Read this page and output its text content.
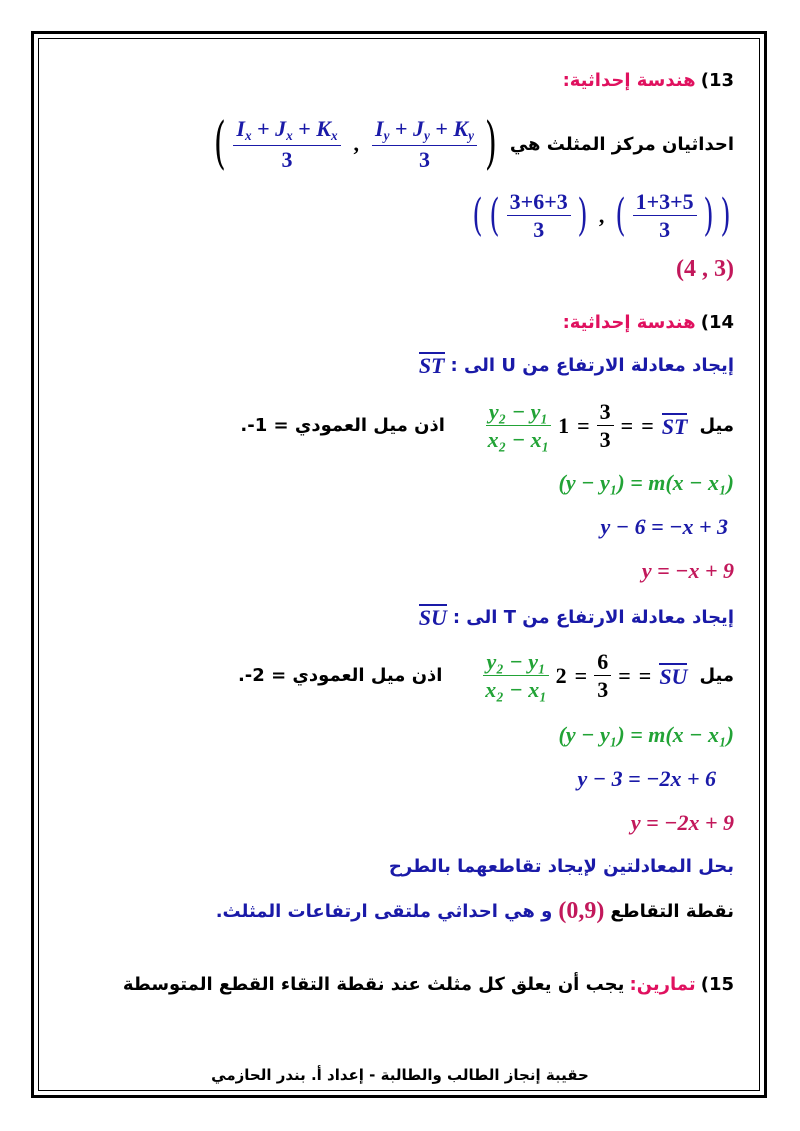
13) هندسة إحداثية:
احداثيان مركز المثلث هي
( $\frac{I_x + J_x + K_x}{3}$ , $\frac{I_y + J_y + K_y}{3}$ )
( ( $\frac{3+6+3}{3}$ ) , ( $\frac{1+3+5}{3}$ ) )
(4 , 3)
14) هندسة إحداثية:
إيجاد معادلة الارتفاع من U الى :
ST
ميل
$\frac{\text{y₂ − y₁}}{\text{x₂ − x₁}} 1 = \frac{3}{3}$ = = ST
اذن ميل العمودي = 1-.
(y − y₁) = m(x − x₁)
y − 6 = −x + 3
y = −x + 9
إيجاد معادلة الارتفاع من T الى :
SU
ميل
$\frac{\text{y₂ − y₁}}{\text{x₂ − x₁}} 2 = \frac{6}{3}$ = = SU
اذن ميل العمودي = 2-.
(y − y₁) = m(x − x₁)
y − 3 = −2x + 6
y = −2x + 9
بحل المعادلتين لإيجاد تقاطعهما بالطرح
نقطة التقاطع
(0,9)
و هي احداثي ملتقى ارتفاعات المثلث.
15) تمارين: يجب أن يعلق كل مثلث عند نقطة التقاء القطع المتوسطة
حقيبة إنجاز الطالب والطالبة - إعداد أ. بندر الحازمي
